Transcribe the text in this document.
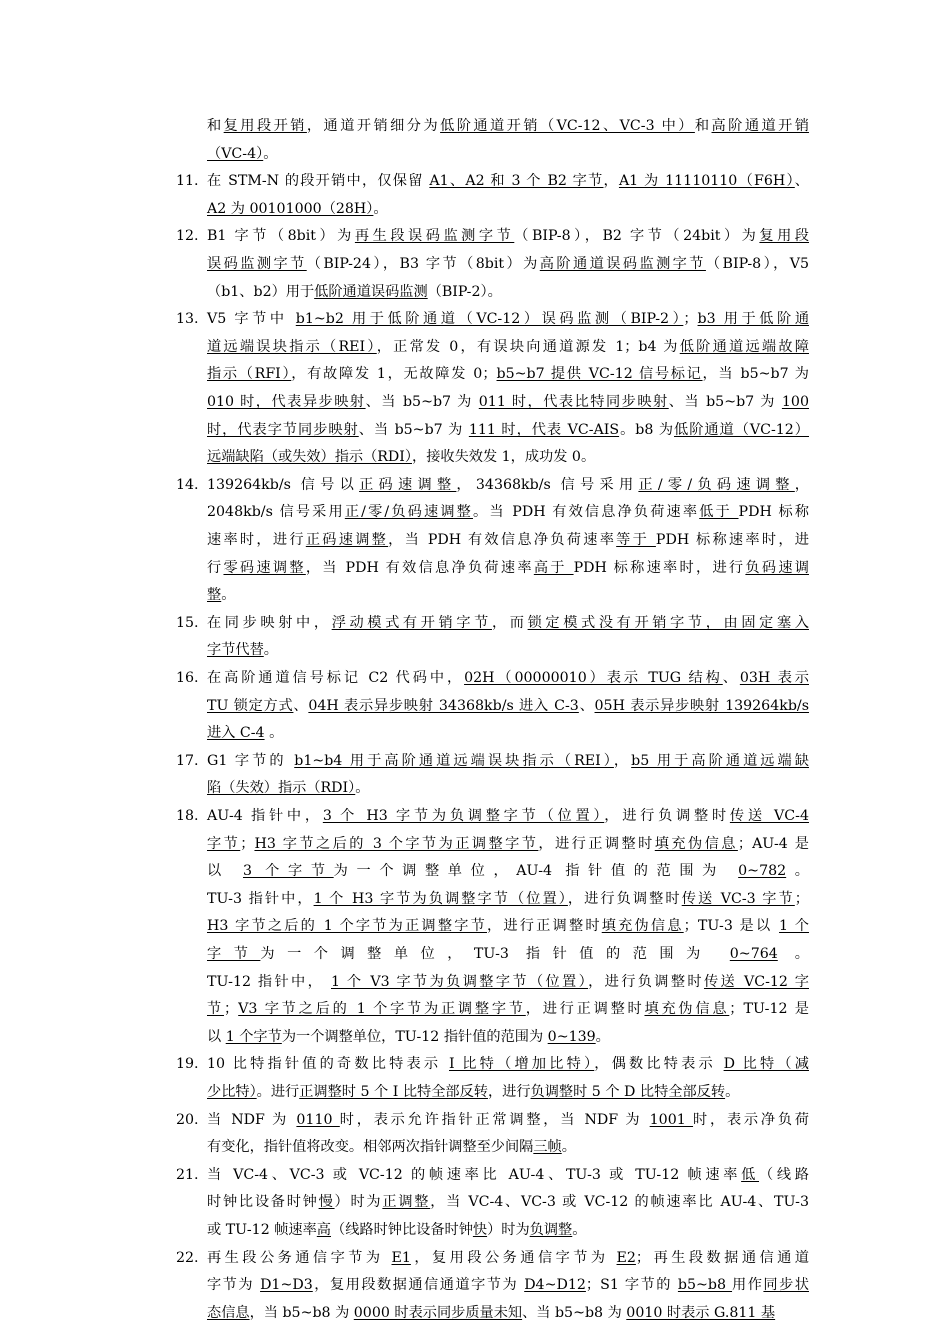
和复用段开销，通道开销细分为低阶通道开销（VC-12、VC-3 中）和高阶通道开销
（VC-4）。
11. 在 STM-N 的段开销中，仅保留 A1、A2 和 3 个 B2 字节，A1 为 11110110（F6H）、
A2 为 00101000（28H）。
12. B1 字节（8bit）为再生段误码监测字节（BIP-8），B2 字节（24bit）为复用段
误码监测字节（BIP-24），B3 字节（8bit）为高阶通道误码监测字节（BIP-8），V5
（b1、b2）用于低阶通道误码监测（BIP-2）。
13. V5 字节中 b1~b2 用于低阶通道（VC-12）误码监测（BIP-2）；b3 用于低阶通
道远端误块指示（REI），正常发 0，有误块向通道源发 1；b4 为低阶通道远端故障
指示（RFI），有故障发 1，无故障发 0；b5~b7 提供 VC-12 信号标记，当 b5~b7 为
010 时，代表异步映射、当 b5~b7 为 011 时，代表比特同步映射、当 b5~b7 为 100
时，代表字节同步映射、当 b5~b7 为 111 时，代表 VC-AIS。b8 为低阶通道（VC-12）
远端缺陷（或失效）指示（RDI），接收失效发 1，成功发 0。
14. 139264kb/s 信号以正码速调整，34368kb/s 信号采用正/零/负码速调整，
2048kb/s 信号采用正/零/负码速调整。当 PDH 有效信息净负荷速率低于 PDH 标称
速率时，进行正码速调整，当 PDH 有效信息净负荷速率等于 PDH 标称速率时，进
行零码速调整，当 PDH 有效信息净负荷速率高于 PDH 标称速率时，进行负码速调
整。
15. 在同步映射中，浮动模式有开销字节，而锁定模式没有开销字节，由固定塞入
字节代替。
16. 在高阶通道信号标记 C2 代码中，02H（00000010）表示 TUG 结构、03H 表示
TU 锁定方式、04H 表示异步映射 34368kb/s 进入 C-3、05H 表示异步映射 139264kb/s
进入 C-4 。
17. G1 字节的 b1~b4 用于高阶通道远端误块指示（REI），b5 用于高阶通道远端缺
陷（失效）指示（RDI）。
18. AU-4 指针中，3 个 H3 字节为负调整字节（位置），进行负调整时传送 VC-4
字节；H3 字节之后的 3 个字节为正调整字节，进行正调整时填充伪信息；AU-4 是
以 3 个字节为一个调整单位，AU-4 指针值的范围为 0~782。
TU-3 指针中，1 个 H3 字节为负调整字节（位置），进行负调整时传送 VC-3 字节；
H3 字节之后的 1 个字节为正调整字节，进行正调整时填充伪信息；TU-3 是以 1 个
字节为一个调整单位，TU-3 指针值的范围为 0~764 。
TU-12 指针中， 1 个 V3 字节为负调整字节（位置），进行负调整时传送 VC-12 字
节；V3 字节之后的 1 个字节为正调整字节，进行正调整时填充伪信息；TU-12 是
以 1 个字节为一个调整单位，TU-12 指针值的范围为 0~139。
19. 10 比特指针值的奇数比特表示 I 比特（增加比特），偶数比特表示 D 比特（减
少比特）。进行正调整时 5 个 I 比特全部反转，进行负调整时 5 个 D 比特全部反转。
20. 当 NDF 为 0110 时，表示允许指针正常调整，当 NDF 为 1001 时，表示净负荷
有变化，指针值将改变。相邻两次指针调整至少间隔三帧。
21. 当 VC-4、VC-3 或 VC-12 的帧速率比 AU-4、TU-3 或 TU-12 帧速率低（线路
时钟比设备时钟慢）时为正调整，当 VC-4、VC-3 或 VC-12 的帧速率比 AU-4、TU-3
或 TU-12 帧速率高（线路时钟比设备时钟快）时为负调整。
22. 再生段公务通信字节为 E1，复用段公务通信字节为 E2；再生段数据通信通道
字节为 D1~D3，复用段数据通信通道字节为 D4~D12；S1 字节的 b5~b8 用作同步状
态信息，当 b5~b8 为 0000 时表示同步质量未知、当 b5~b8 为 0010 时表示 G.811 基
